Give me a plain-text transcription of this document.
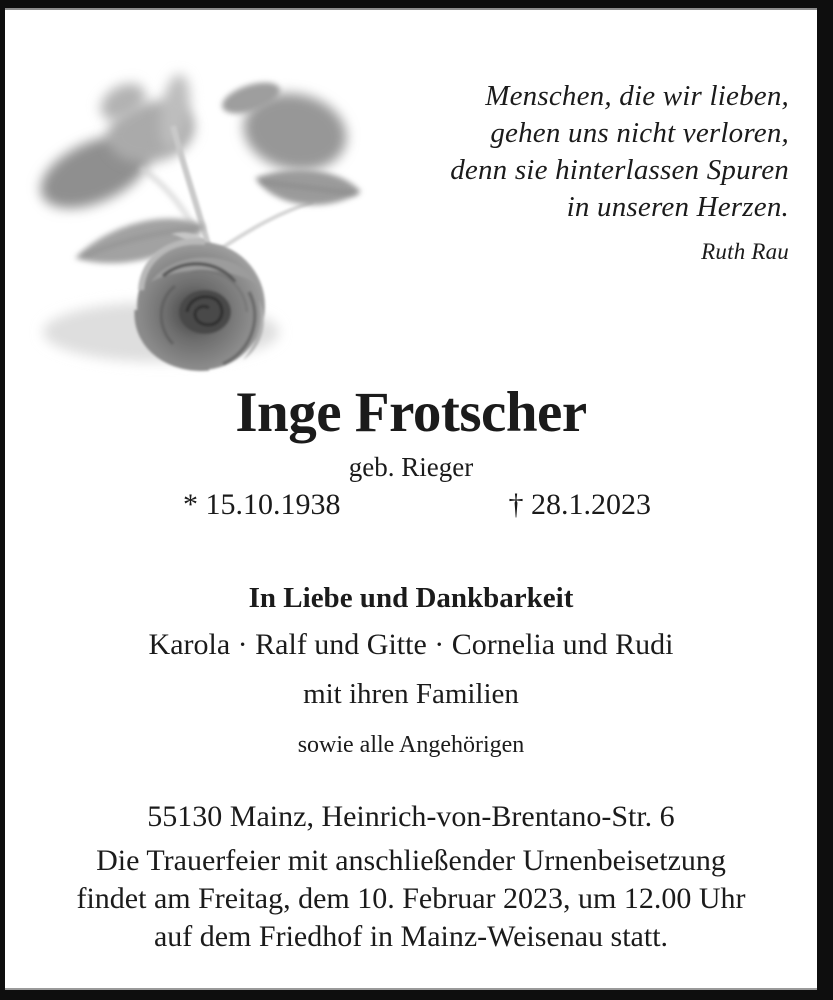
Menschen, die wir lieben,
gehen uns nicht verloren,
denn sie hinterlassen Spuren
in unseren Herzen.
Ruth Rau
Inge Frotscher
geb. Rieger
* 15.10.1938	† 28.1.2023
In Liebe und Dankbarkeit
Karola · Ralf und Gitte · Cornelia und Rudi
mit ihren Familien
sowie alle Angehörigen
55130 Mainz, Heinrich-von-Brentano-Str. 6
Die Trauerfeier mit anschließender Urnenbeisetzung
findet am Freitag, dem 10. Februar 2023, um 12.00 Uhr
auf dem Friedhof in Mainz-Weisenau statt.
